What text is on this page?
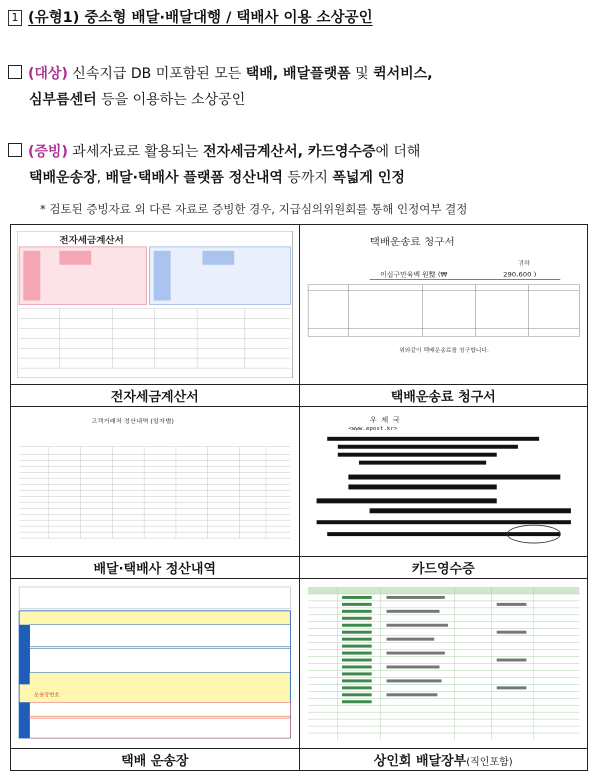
1 (유형1) 중소형 배달·배달대행 / 택배사 이용 소상공인
(대상) 신속지급 DB 미포함된 모든 택배, 배달플랫폼 및 퀵서비스,
심부름센터 등을 이용하는 소상공인
(증빙) 과세자료로 활용되는 전자세금계산서, 카드영수증에 더해
택배운송장, 배달·택배사 플랫폼 정산내역 등까지 폭넓게 인정
* 검토된 증빙자료 외 다른 자료로 증빙한 경우, 지급심의위원회를 통해 인정여부 결정
전자세금계산서	택배운송료 청구서
귀하
이십구만육백 원整 (₩ 290,600 )
위와같이 택배운송료를 청구합니다.

전자세금계산서	택배운송료 청구서

고객거래처 정산내역 (일자별)	우 체 국
<www.epost.kr>

배달·택배사 정산내역	카드영수증

운송장번호

택배 운송장	상인회 배달장부(직인포함)
